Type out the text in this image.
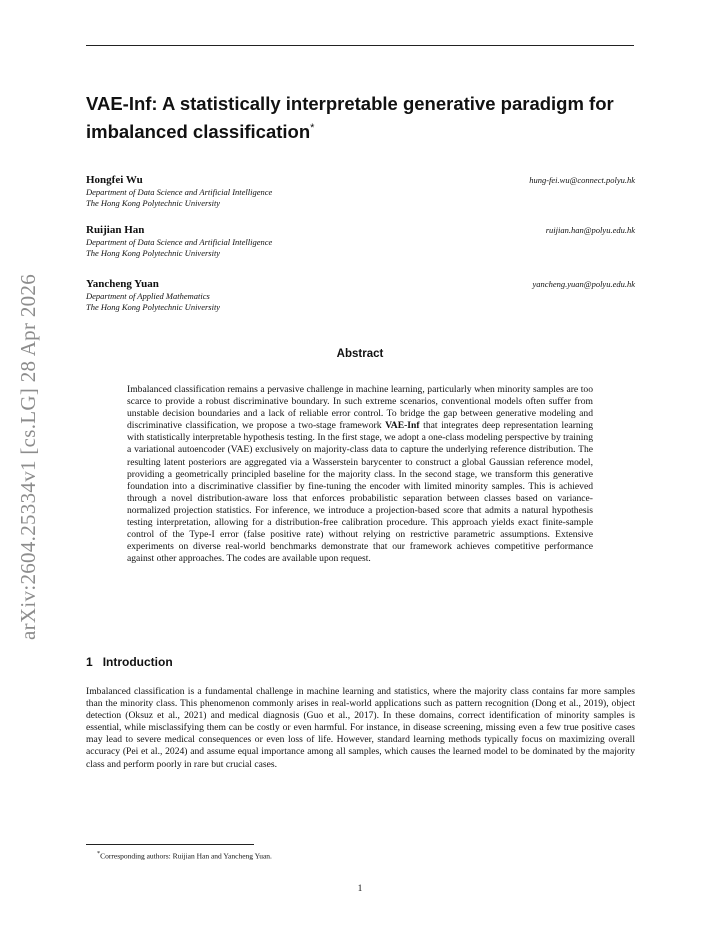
arXiv:2604.25334v1 [cs.LG] 28 Apr 2026
VAE-Inf: A statistically interpretable generative paradigm for imbalanced classification*
Hongfei Wu	hung-fei.wu@connect.polyu.hk
Department of Data Science and Artificial Intelligence
The Hong Kong Polytechnic University
Ruijian Han	ruijian.han@polyu.edu.hk
Department of Data Science and Artificial Intelligence
The Hong Kong Polytechnic University
Yancheng Yuan	yancheng.yuan@polyu.edu.hk
Department of Applied Mathematics
The Hong Kong Polytechnic University
Abstract
Imbalanced classification remains a pervasive challenge in machine learning, particularly when minority samples are too scarce to provide a robust discriminative boundary. In such extreme scenarios, conventional models often suffer from unstable decision boundaries and a lack of reliable error control. To bridge the gap between generative modeling and discriminative classification, we propose a two-stage framework VAE-Inf that integrates deep representation learning with statistically interpretable hypothesis testing. In the first stage, we adopt a one-class modeling perspective by training a variational autoencoder (VAE) exclusively on majority-class data to capture the underlying reference distribution. The resulting latent posteriors are aggregated via a Wasserstein barycenter to construct a global Gaussian reference model, providing a geometrically principled baseline for the majority class. In the second stage, we transform this generative foundation into a discriminative classifier by fine-tuning the encoder with limited minority samples. This is achieved through a novel distribution-aware loss that enforces probabilistic separation between classes based on variance-normalized projection statistics. For inference, we introduce a projection-based score that admits a natural hypothesis testing interpretation, allowing for a distribution-free calibration procedure. This approach yields exact finite-sample control of the Type-I error (false positive rate) without relying on restrictive parametric assumptions. Extensive experiments on diverse real-world benchmarks demonstrate that our framework achieves competitive performance against other approaches. The codes are available upon request.
1 Introduction
Imbalanced classification is a fundamental challenge in machine learning and statistics, where the majority class contains far more samples than the minority class. This phenomenon commonly arises in real-world applications such as pattern recognition (Dong et al., 2019), object detection (Oksuz et al., 2021) and medical diagnosis (Guo et al., 2017). In these domains, correct identification of minority samples is essential, while misclassifying them can be costly or even harmful. For instance, in disease screening, missing even a few true positive cases may lead to severe medical consequences or even loss of life. However, standard learning methods typically focus on maximizing overall accuracy (Pei et al., 2024) and assume equal importance among all samples, which causes the learned model to be dominated by the majority class and perform poorly in rare but crucial cases.
*Corresponding authors: Ruijian Han and Yancheng Yuan.
1
